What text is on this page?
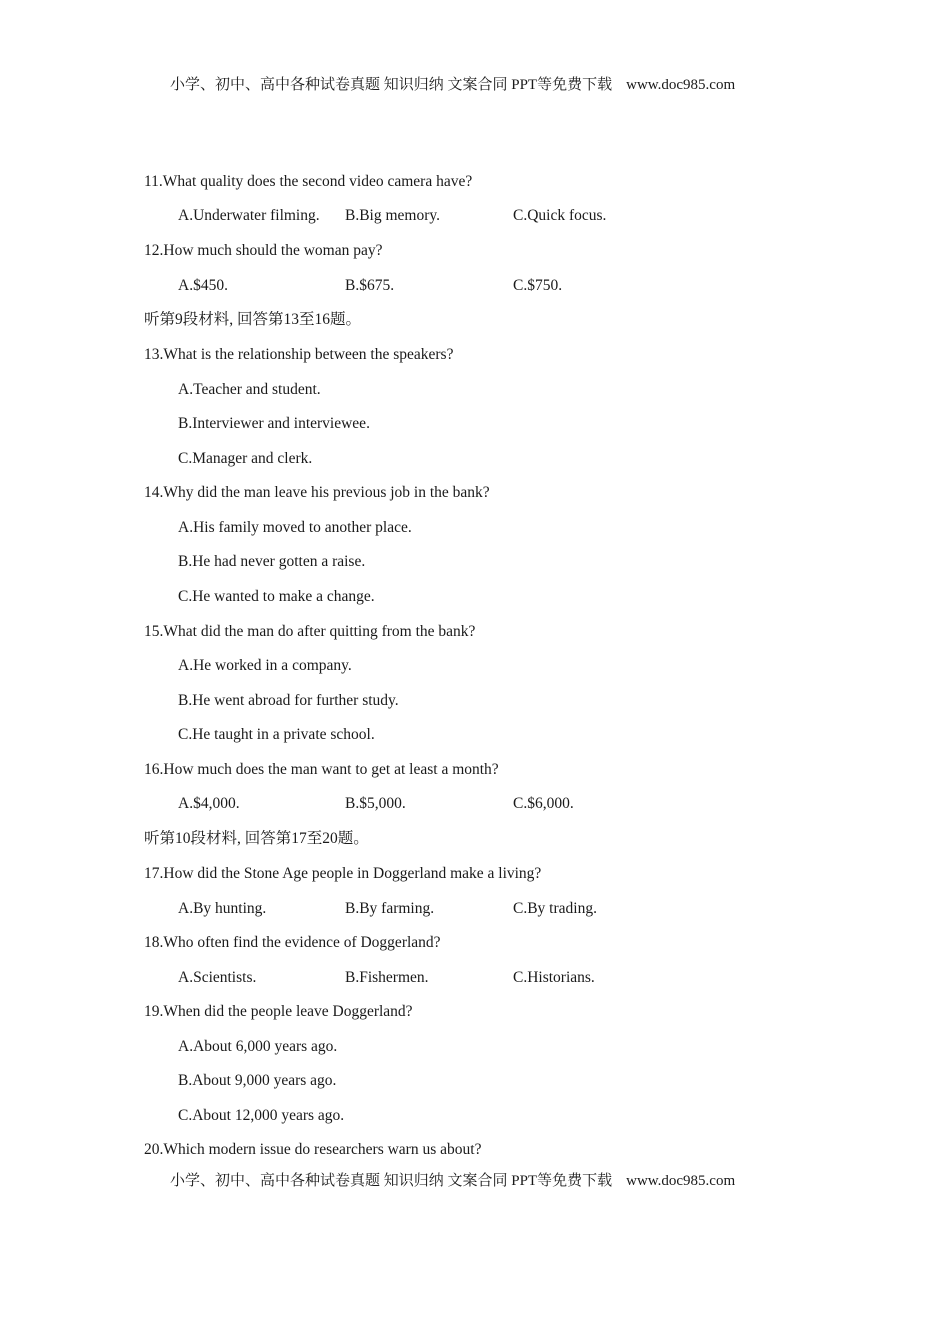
小学、初中、高中各种试卷真题 知识归纳 文案合同 PPT等免费下载 www.doc985.com
11.What quality does the second video camera have?
A.Underwater filming. B.Big memory.	C.Quick focus.
12.How much should the woman pay?
A.$450.	B.$675.	C.$750.
听第9段材料, 回答第13至16题。
13.What is the relationship between the speakers?
A.Teacher and student.
B.Interviewer and interviewee.
C.Manager and clerk.
14.Why did the man leave his previous job in the bank?
A.His family moved to another place.
B.He had never gotten a raise.
C.He wanted to make a change.
15.What did the man do after quitting from the bank?
A.He worked in a company.
B.He went abroad for further study.
C.He taught in a private school.
16.How much does the man want to get at least a month?
A.$4,000.	B.$5,000.	C.$6,000.
听第10段材料, 回答第17至20题。
17.How did the Stone Age people in Doggerland make a living?
A.By hunting.	B.By farming.	C.By trading.
18.Who often find the evidence of Doggerland?
A.Scientists.	B.Fishermen.	C.Historians.
19.When did the people leave Doggerland?
A.About 6,000 years ago.
B.About 9,000 years ago.
C.About 12,000 years ago.
20.Which modern issue do researchers warn us about?
小学、初中、高中各种试卷真题 知识归纳 文案合同 PPT等免费下载 www.doc985.com
